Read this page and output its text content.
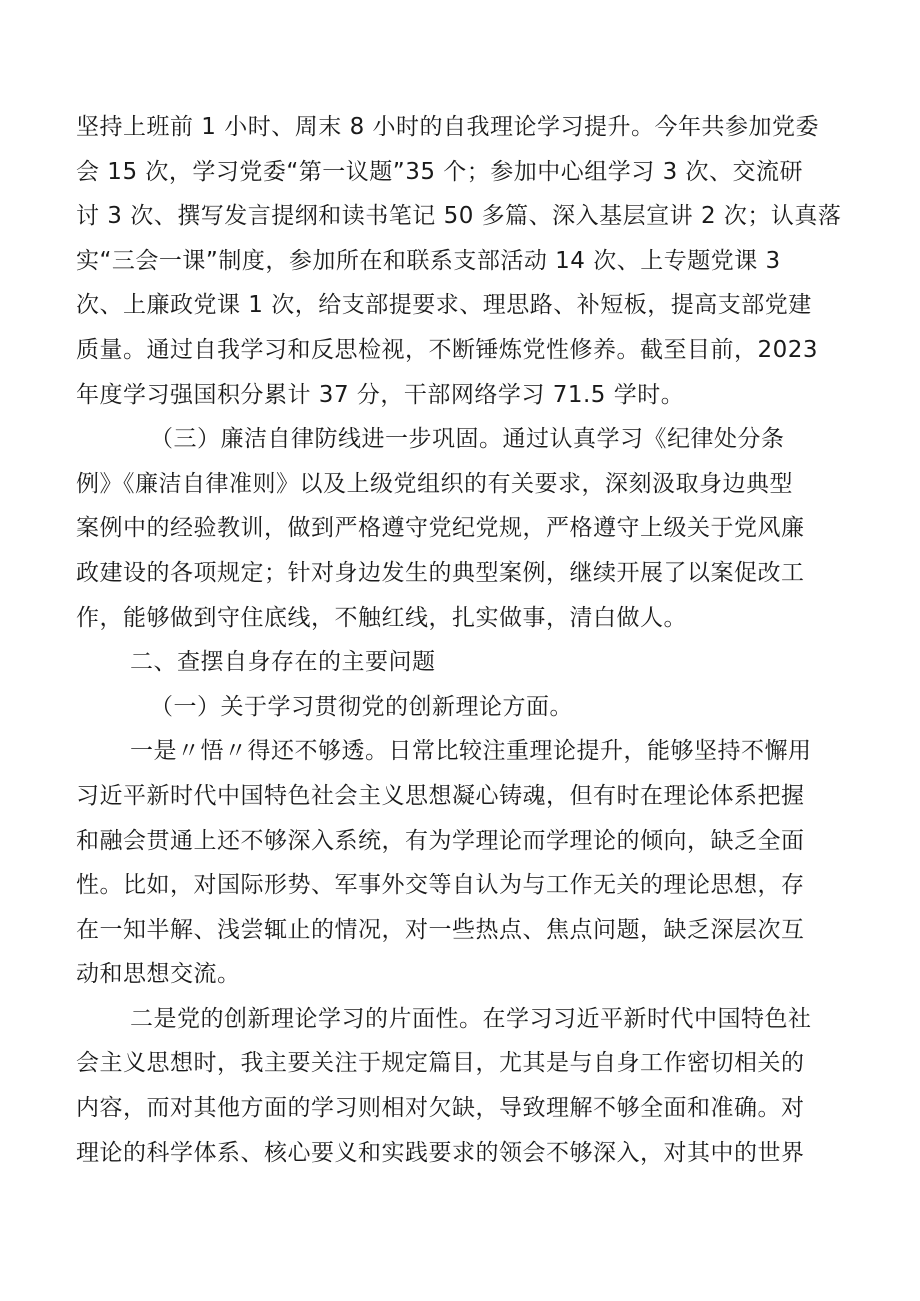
坚持上班前 1 小时、周末 8 小时的自我理论学习提升。今年共参加党委
会 15 次，学习党委“第一议题”35 个；参加中心组学习 3 次、交流研
讨 3 次、撰写发言提纲和读书笔记 50 多篇、深入基层宣讲 2 次；认真落
实“三会一课”制度，参加所在和联系支部活动 14 次、上专题党课 3
次、上廉政党课 1 次，给支部提要求、理思路、补短板，提高支部党建
质量。通过自我学习和反思检视，不断锤炼党性修养。截至目前，2023
年度学习强国积分累计 37 分，干部网络学习 71.5 学时。
（三）廉洁自律防线进一步巩固。通过认真学习《纪律处分条
例》《廉洁自律准则》以及上级党组织的有关要求，深刻汲取身边典型
案例中的经验教训，做到严格遵守党纪党规，严格遵守上级关于党风廉
政建设的各项规定；针对身边发生的典型案例，继续开展了以案促改工
作，能够做到守住底线，不触红线，扎实做事，清白做人。
二、查摆自身存在的主要问题
（一）关于学习贯彻党的创新理论方面。
一是〃悟〃得还不够透。日常比较注重理论提升，能够坚持不懈用
习近平新时代中国特色社会主义思想凝心铸魂，但有时在理论体系把握
和融会贯通上还不够深入系统，有为学理论而学理论的倾向，缺乏全面
性。比如，对国际形势、军事外交等自认为与工作无关的理论思想，存
在一知半解、浅尝辄止的情况，对一些热点、焦点问题，缺乏深层次互
动和思想交流。
二是党的创新理论学习的片面性。在学习习近平新时代中国特色社
会主义思想时，我主要关注于规定篇目，尤其是与自身工作密切相关的
内容，而对其他方面的学习则相对欠缺，导致理解不够全面和准确。对
理论的科学体系、核心要义和实践要求的领会不够深入，对其中的世界
